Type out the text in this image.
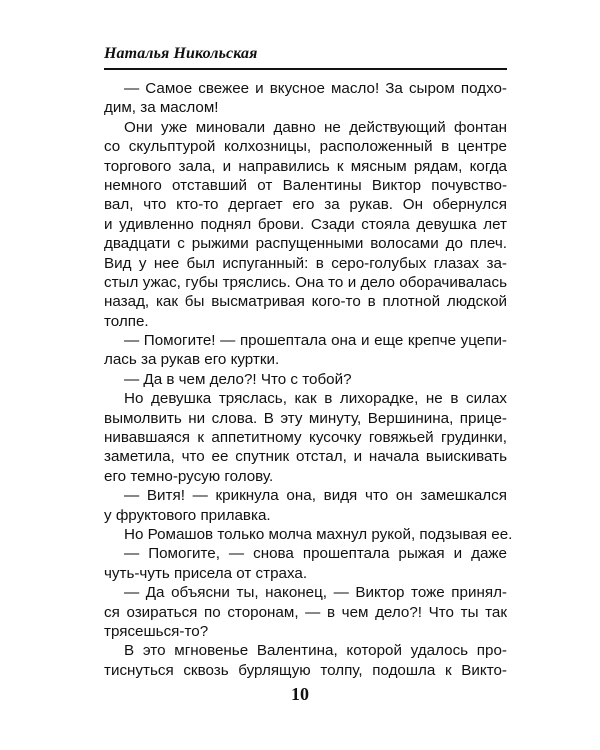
Наталья Никольская
— Самое свежее и вкусное масло! За сыром подхо-
дим, за маслом!
Они уже миновали давно не действующий фонтан
со скульптурой колхозницы, расположенный в центре
торгового зала, и направились к мясным рядам, когда
немного отставший от Валентины Виктор почувство-
вал, что кто-то дергает его за рукав. Он обернулся
и удивленно поднял брови. Сзади стояла девушка лет
двадцати с рыжими распущенными волосами до плеч.
Вид у нее был испуганный: в серо-голубых глазах за-
стыл ужас, губы тряслись. Она то и дело оборачивалась
назад, как бы высматривая кого-то в плотной людской
толпе.
— Помогите! — прошептала она и еще крепче уцепи-
лась за рукав его куртки.
— Да в чем дело?! Что с тобой?
Но девушка тряслась, как в лихорадке, не в силах
вымолвить ни слова. В эту минуту, Вершинина, прице-
нивавшаяся к аппетитному кусочку говяжьей грудинки,
заметила, что ее спутник отстал, и начала выискивать
его темно-русую голову.
— Витя! — крикнула она, видя что он замешкался
у фруктового прилавка.
Но Ромашов только молча махнул рукой, подзывая ее.
— Помогите, — снова прошептала рыжая и даже
чуть-чуть присела от страха.
— Да объясни ты, наконец, — Виктор тоже принял-
ся озираться по сторонам, — в чем дело?! Что ты так
трясешься-то?
В это мгновенье Валентина, которой удалось про-
тиснуться сквозь бурлящую толпу, подошла к Викто-
10
